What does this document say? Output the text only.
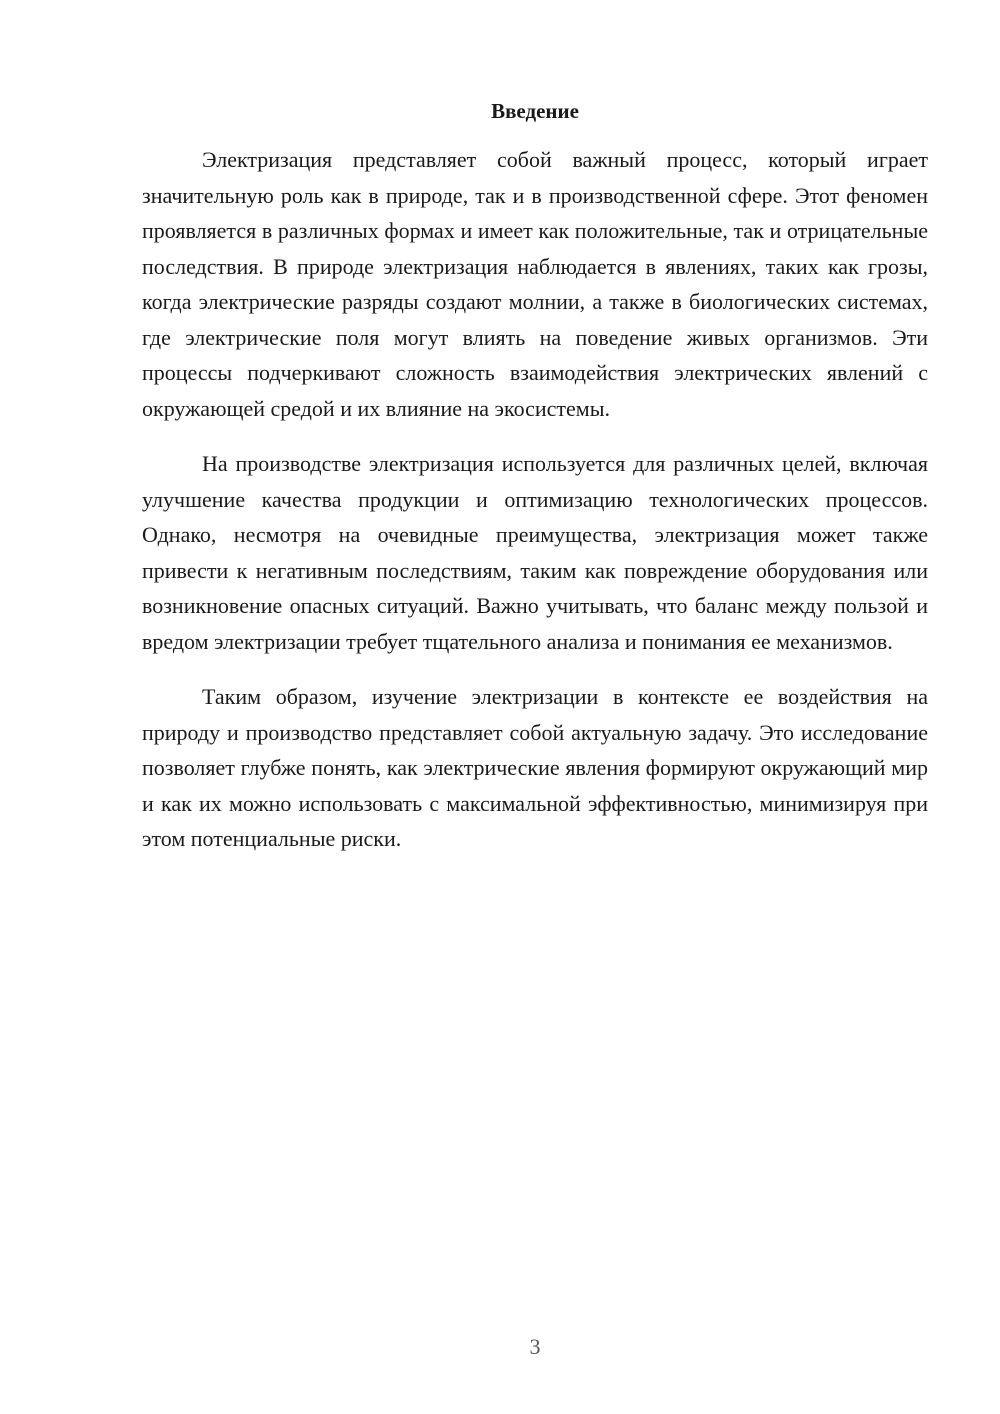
Введение

Электризация представляет собой важный процесс, который играет значительную роль как в природе, так и в производственной сфере. Этот феномен проявляется в различных формах и имеет как положительные, так и отрицательные последствия. В природе электризация наблюдается в явлениях, таких как грозы, когда электрические разряды создают молнии, а также в биологических системах, где электрические поля могут влиять на поведение живых организмов. Эти процессы подчеркивают сложность взаимодействия электрических явлений с окружающей средой и их влияние на экосистемы.

На производстве электризация используется для различных целей, включая улучшение качества продукции и оптимизацию технологических процессов. Однако, несмотря на очевидные преимущества, электризация может также привести к негативным последствиям, таким как повреждение оборудования или возникновение опасных ситуаций. Важно учитывать, что баланс между пользой и вредом электризации требует тщательного анализа и понимания ее механизмов.

Таким образом, изучение электризации в контексте ее воздействия на природу и производство представляет собой актуальную задачу. Это исследование позволяет глубже понять, как электрические явления формируют окружающий мир и как их можно использовать с максимальной эффективностью, минимизируя при этом потенциальные риски.

3
